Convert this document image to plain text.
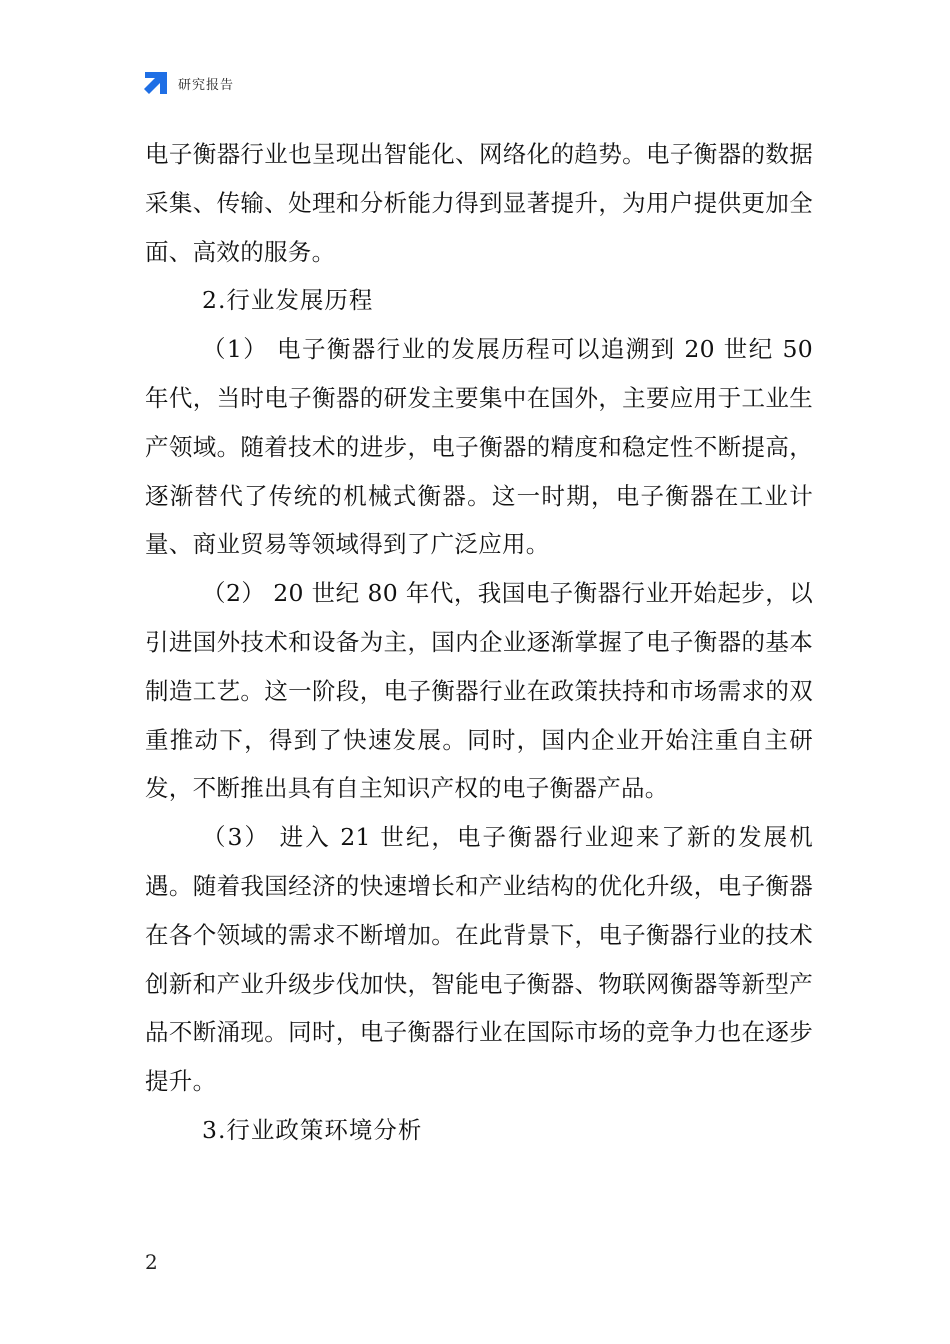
研究报告

电子衡器行业也呈现出智能化、网络化的趋势。电子衡器的数据采集、传输、处理和分析能力得到显著提升，为用户提供更加全面、高效的服务。

2.行业发展历程

（1） 电子衡器行业的发展历程可以追溯到 20 世纪 50 年代，当时电子衡器的研发主要集中在国外，主要应用于工业生产领域。随着技术的进步，电子衡器的精度和稳定性不断提高，逐渐替代了传统的机械式衡器。这一时期，电子衡器在工业计量、商业贸易等领域得到了广泛应用。

（2） 20 世纪 80 年代，我国电子衡器行业开始起步，以引进国外技术和设备为主，国内企业逐渐掌握了电子衡器的基本制造工艺。这一阶段，电子衡器行业在政策扶持和市场需求的双重推动下，得到了快速发展。同时，国内企业开始注重自主研发，不断推出具有自主知识产权的电子衡器产品。

（3） 进入 21 世纪，电子衡器行业迎来了新的发展机遇。随着我国经济的快速增长和产业结构的优化升级，电子衡器在各个领域的需求不断增加。在此背景下，电子衡器行业的技术创新和产业升级步伐加快，智能电子衡器、物联网衡器等新型产品不断涌现。同时，电子衡器行业在国际市场的竞争力也在逐步提升。

3.行业政策环境分析

2
